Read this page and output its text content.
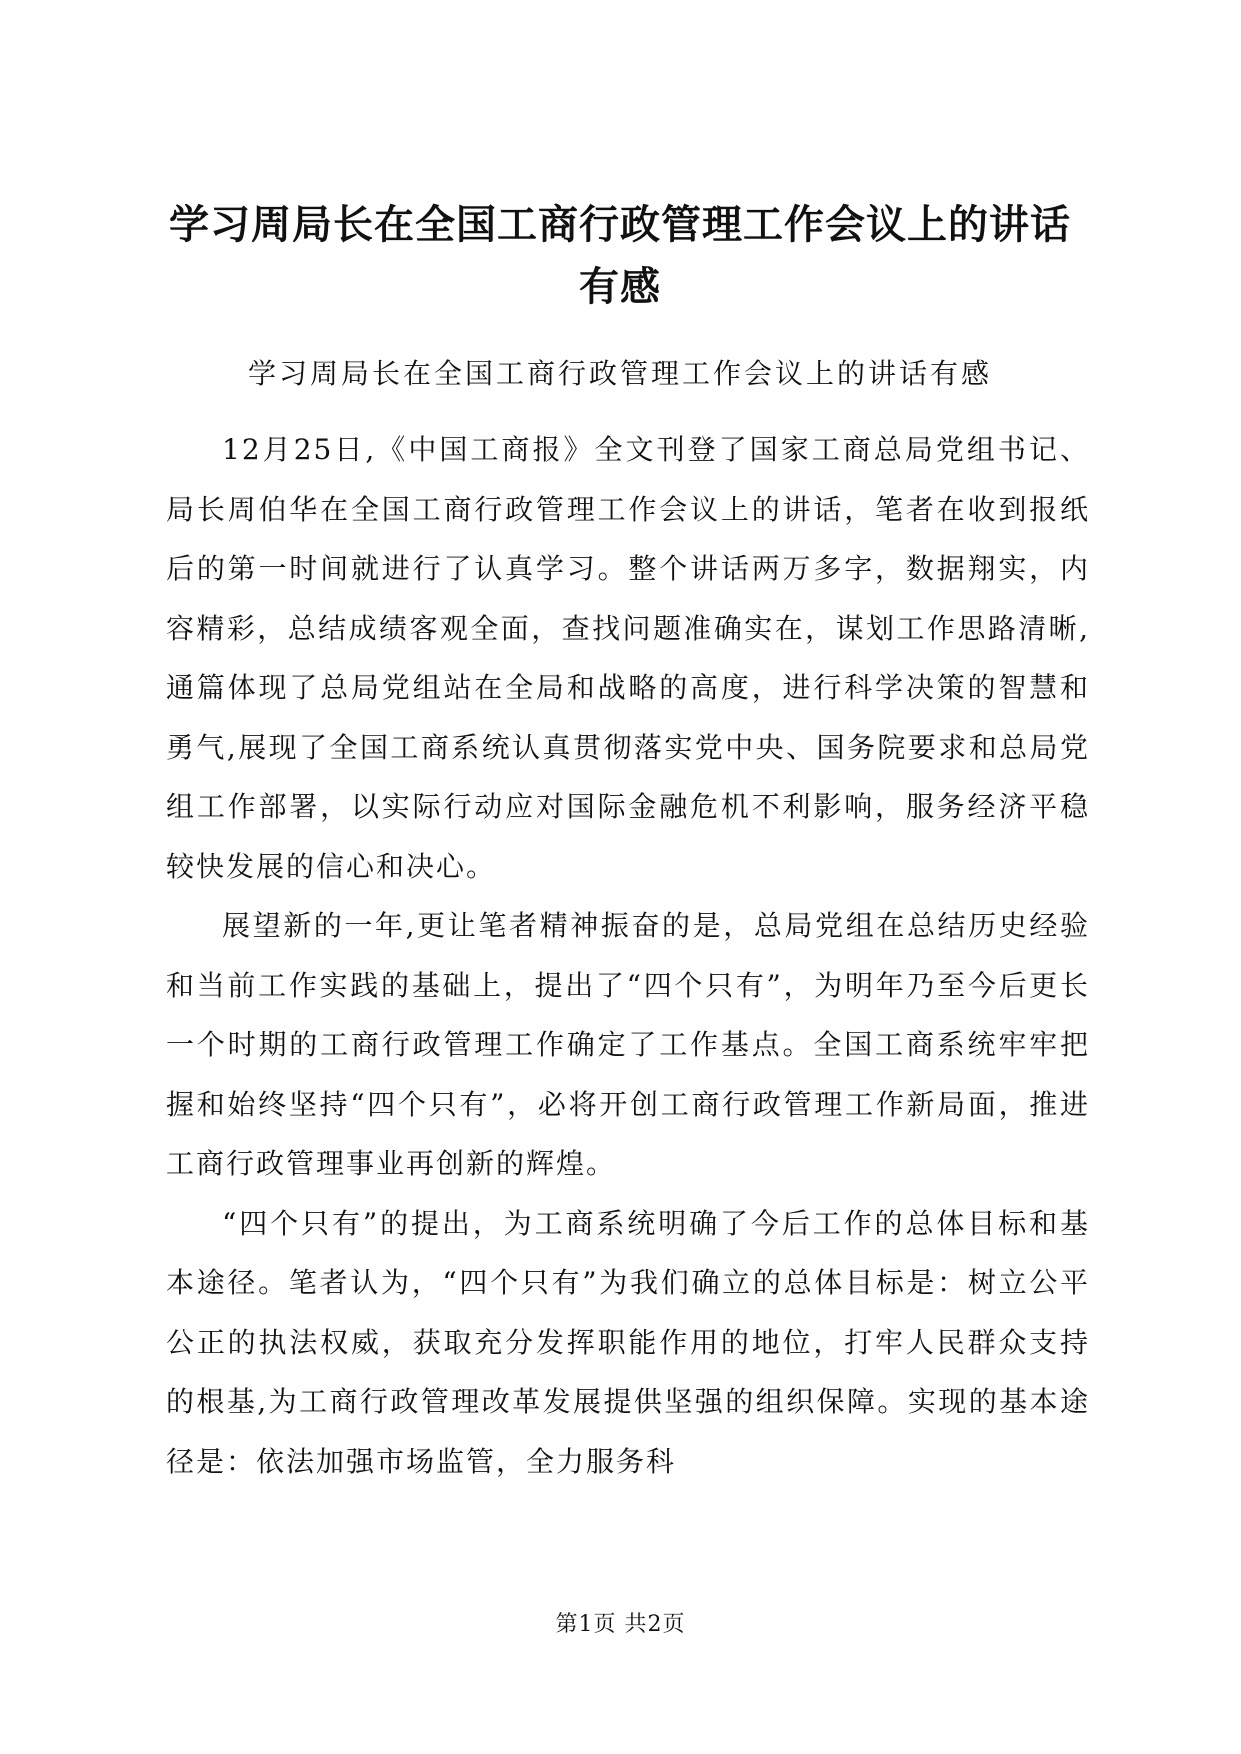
学习周局长在全国工商行政管理工作会议上的讲话有感
学习周局长在全国工商行政管理工作会议上的讲话有感

12月25日,《中国工商报》全文刊登了国家工商总局党组书记、局长周伯华在全国工商行政管理工作会议上的讲话，笔者在收到报纸后的第一时间就进行了认真学习。整个讲话两万多字，数据翔实，内容精彩，总结成绩客观全面，查找问题准确实在，谋划工作思路清晰,通篇体现了总局党组站在全局和战略的高度，进行科学决策的智慧和勇气,展现了全国工商系统认真贯彻落实党中央、国务院要求和总局党组工作部署，以实际行动应对国际金融危机不利影响，服务经济平稳较快发展的信心和决心。

展望新的一年,更让笔者精神振奋的是，总局党组在总结历史经验和当前工作实践的基础上，提出了“四个只有”，为明年乃至今后更长一个时期的工商行政管理工作确定了工作基点。全国工商系统牢牢把握和始终坚持“四个只有”，必将开创工商行政管理工作新局面，推进工商行政管理事业再创新的辉煌。

“四个只有”的提出，为工商系统明确了今后工作的总体目标和基本途径。笔者认为，“四个只有”为我们确立的总体目标是：树立公平公正的执法权威，获取充分发挥职能作用的地位，打牢人民群众支持的根基,为工商行政管理改革发展提供坚强的组织保障。实现的基本途径是：依法加强市场监管，全力服务科

第1页 共2页
